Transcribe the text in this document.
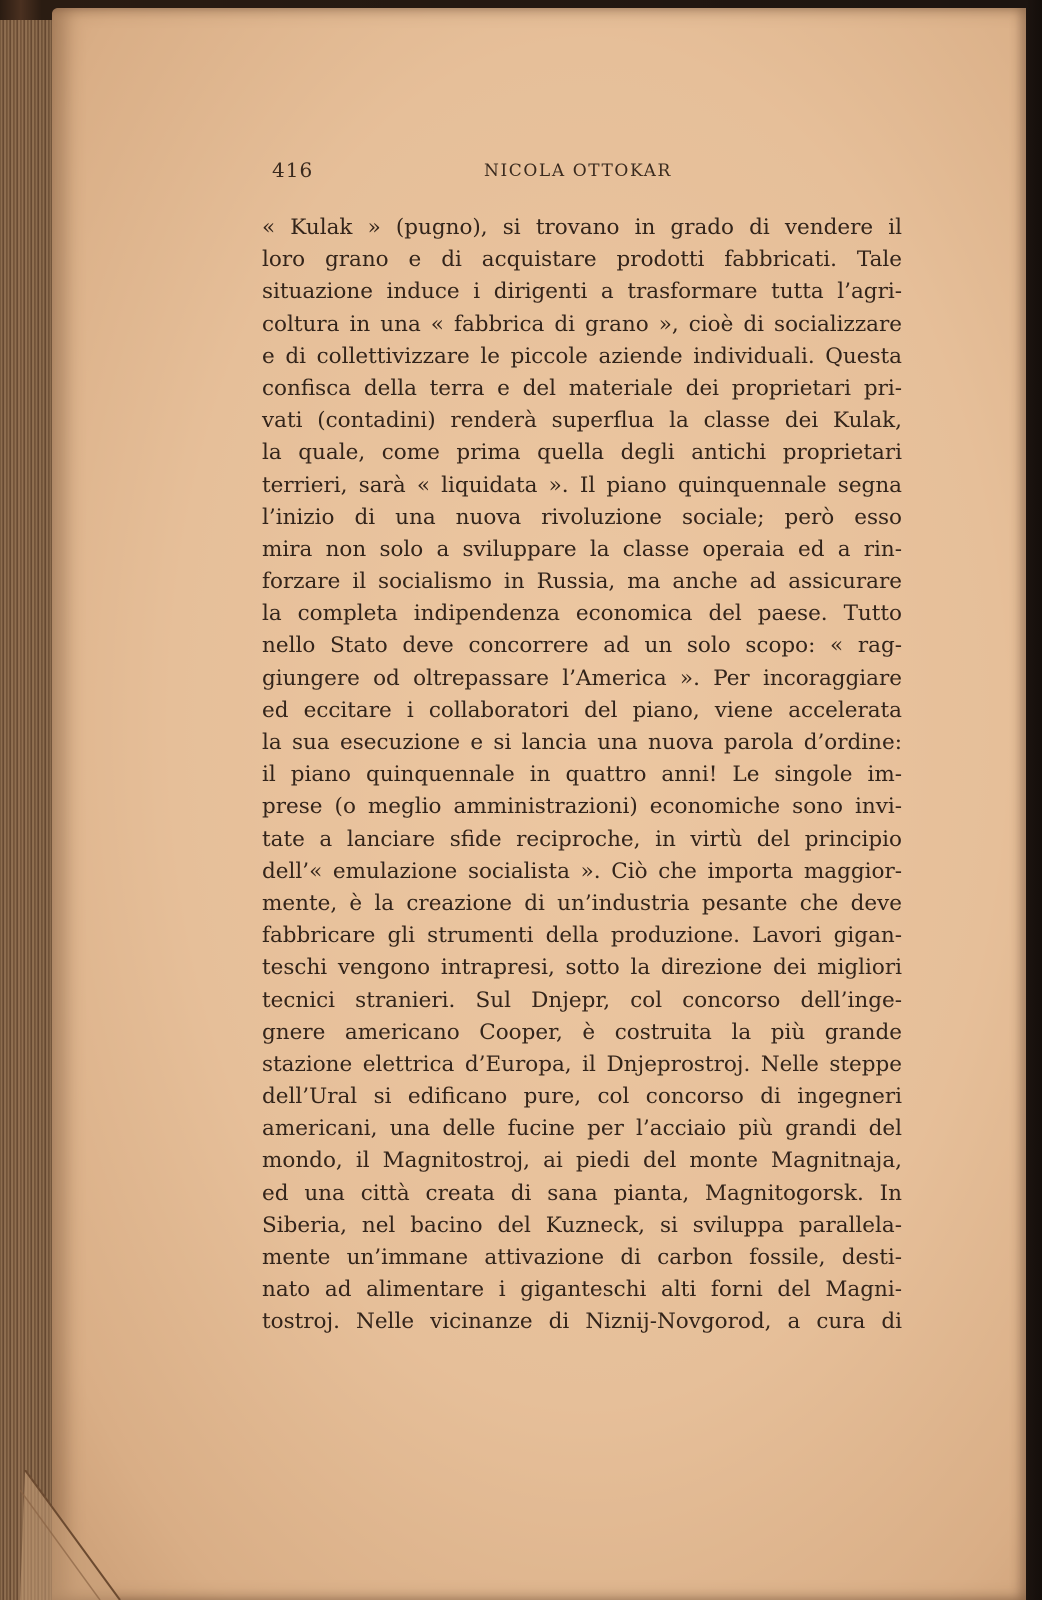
416	NICOLA OTTOKAR
« Kulak » (pugno), si trovano in grado di vendere il
loro grano e di acquistare prodotti fabbricati. Tale
situazione induce i dirigenti a trasformare tutta l’agri-
coltura in una « fabbrica di grano », cioè di socializzare
e di collettivizzare le piccole aziende individuali. Questa
confisca della terra e del materiale dei proprietari pri-
vati (contadini) renderà superflua la classe dei Kulak,
la quale, come prima quella degli antichi proprietari
terrieri, sarà « liquidata ». Il piano quinquennale segna
l’inizio di una nuova rivoluzione sociale; però esso
mira non solo a sviluppare la classe operaia ed a rin-
forzare il socialismo in Russia, ma anche ad assicurare
la completa indipendenza economica del paese. Tutto
nello Stato deve concorrere ad un solo scopo: « rag-
giungere od oltrepassare l’America ». Per incoraggiare
ed eccitare i collaboratori del piano, viene accelerata
la sua esecuzione e si lancia una nuova parola d’ordine:
il piano quinquennale in quattro anni! Le singole im-
prese (o meglio amministrazioni) economiche sono invi-
tate a lanciare sfide reciproche, in virtù del principio
dell’« emulazione socialista ». Ciò che importa maggior-
mente, è la creazione di un’industria pesante che deve
fabbricare gli strumenti della produzione. Lavori gigan-
teschi vengono intrapresi, sotto la direzione dei migliori
tecnici stranieri. Sul Dnjepr, col concorso dell’inge-
gnere americano Cooper, è costruita la più grande
stazione elettrica d’Europa, il Dnjeprostroj. Nelle steppe
dell’Ural si edificano pure, col concorso di ingegneri
americani, una delle fucine per l’acciaio più grandi del
mondo, il Magnitostroj, ai piedi del monte Magnitnaja,
ed una città creata di sana pianta, Magnitogorsk. In
Siberia, nel bacino del Kuzneck, si sviluppa parallela-
mente un’immane attivazione di carbon fossile, desti-
nato ad alimentare i giganteschi alti forni del Magni-
tostroj. Nelle vicinanze di Niznij-Novgorod, a cura di
